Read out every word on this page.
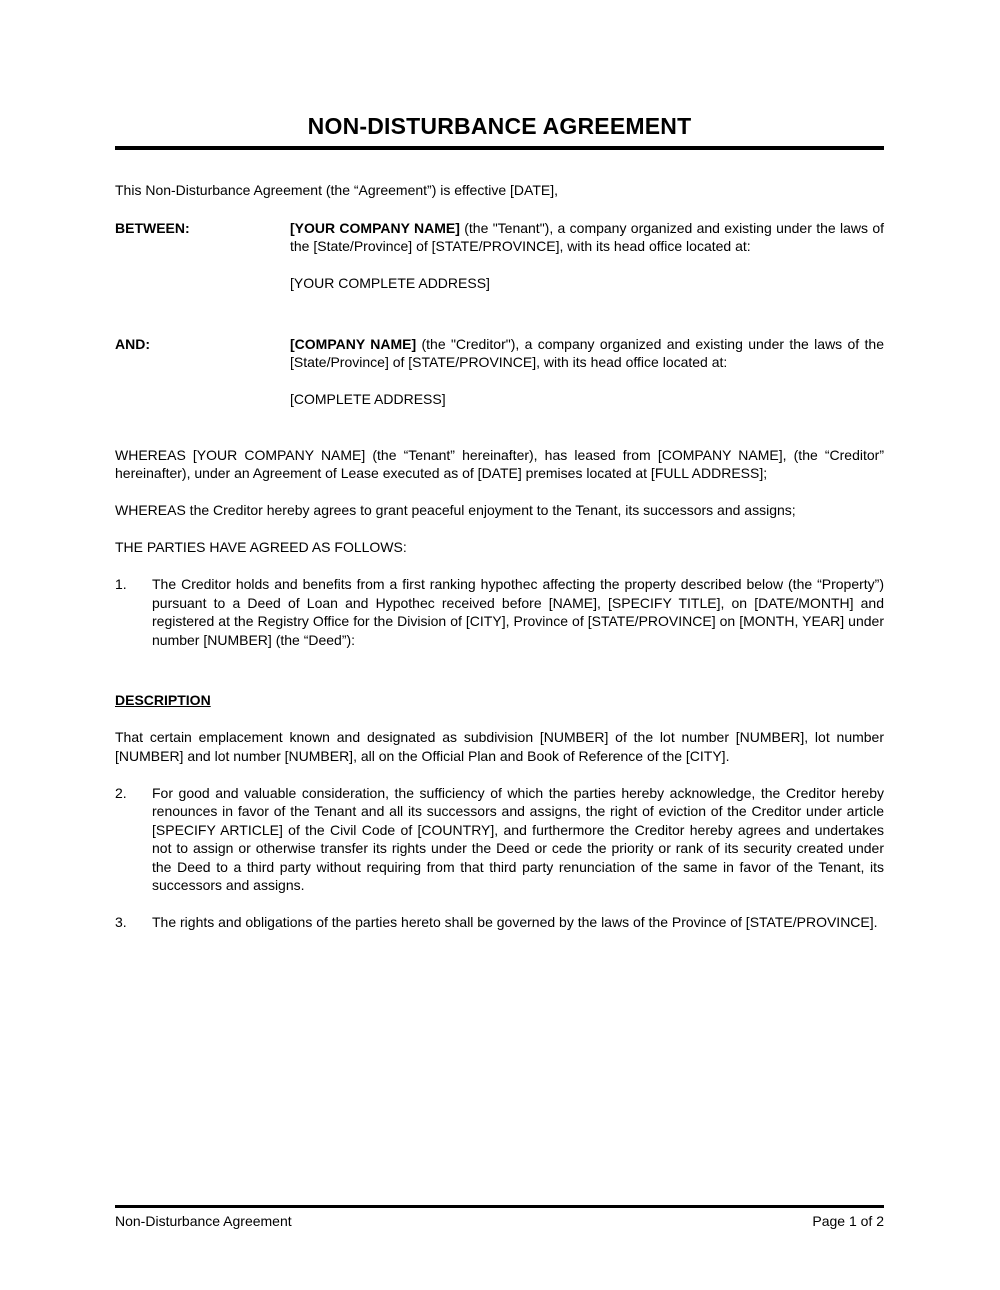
NON-DISTURBANCE AGREEMENT

This Non-Disturbance Agreement (the “Agreement”) is effective [DATE],

BETWEEN:	[YOUR COMPANY NAME] (the "Tenant"), a company organized and existing under the laws of the [State/Province] of [STATE/PROVINCE], with its head office located at:

[YOUR COMPLETE ADDRESS]

AND:	[COMPANY NAME] (the "Creditor"), a company organized and existing under the laws of the [State/Province] of [STATE/PROVINCE], with its head office located at:

[COMPLETE ADDRESS]

WHEREAS [YOUR COMPANY NAME] (the “Tenant” hereinafter), has leased from [COMPANY NAME], (the “Creditor” hereinafter), under an Agreement of Lease executed as of [DATE] premises located at [FULL ADDRESS];

WHEREAS the Creditor hereby agrees to grant peaceful enjoyment to the Tenant, its successors and assigns;

THE PARTIES HAVE AGREED AS FOLLOWS:

1.	The Creditor holds and benefits from a first ranking hypothec affecting the property described below (the “Property”) pursuant to a Deed of Loan and Hypothec received before [NAME], [SPECIFY TITLE], on [DATE/MONTH] and registered at the Registry Office for the Division of [CITY], Province of [STATE/PROVINCE] on [MONTH, YEAR] under number [NUMBER] (the “Deed”):
DESCRIPTION

That certain emplacement known and designated as subdivision [NUMBER] of the lot number [NUMBER], lot number [NUMBER] and lot number [NUMBER], all on the Official Plan and Book of Reference of the [CITY].

2.	For good and valuable consideration, the sufficiency of which the parties hereby acknowledge, the Creditor hereby renounces in favor of the Tenant and all its successors and assigns, the right of eviction of the Creditor under article [SPECIFY ARTICLE] of the Civil Code of [COUNTRY], and furthermore the Creditor hereby agrees and undertakes not to assign or otherwise transfer its rights under the Deed or cede the priority or rank of its security created under the Deed to a third party without requiring from that third party renunciation of the same in favor of the Tenant, its successors and assigns.
3.	The rights and obligations of the parties hereto shall be governed by the laws of the Province of [STATE/PROVINCE].
Non-Disturbance Agreement	Page 1 of 2
